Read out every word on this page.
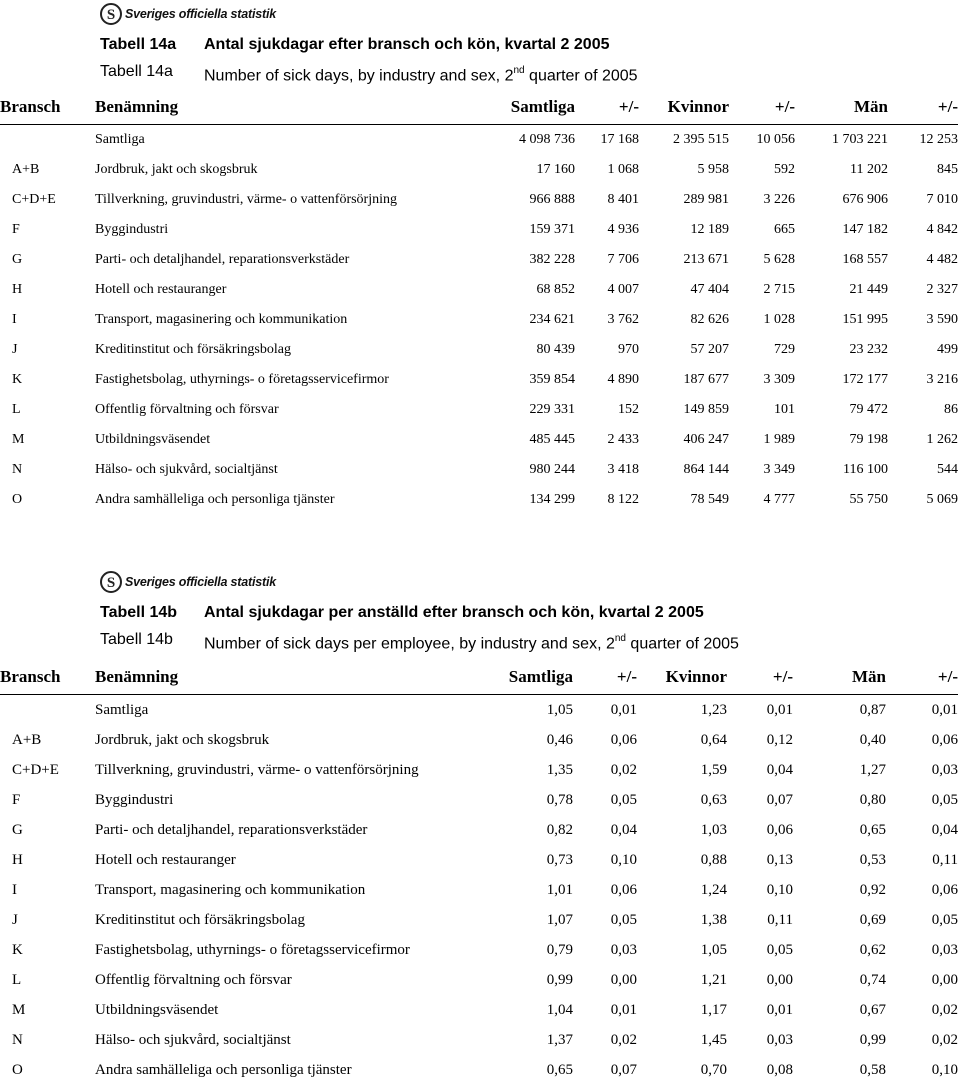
S Sveriges officiella statistik
Tabell 14a	Antal sjukdagar efter bransch och kön, kvartal 2 2005
Tabell 14a	Number of sick days, by industry and sex, 2nd quarter of 2005
Bransch	Benämning	Samtliga	+/-	Kvinnor	+/-	Män	+/-
	Samtliga	4 098 736	17 168	2 395 515	10 056	1 703 221	12 253
A+B	Jordbruk, jakt och skogsbruk	17 160	1 068	5 958	592	11 202	845
C+D+E	Tillverkning, gruvindustri, värme- o vattenförsörjning	966 888	8 401	289 981	3 226	676 906	7 010
F	Byggindustri	159 371	4 936	12 189	665	147 182	4 842
G	Parti- och detaljhandel, reparationsverkstäder	382 228	7 706	213 671	5 628	168 557	4 482
H	Hotell och restauranger	68 852	4 007	47 404	2 715	21 449	2 327
I	Transport, magasinering och kommunikation	234 621	3 762	82 626	1 028	151 995	3 590
J	Kreditinstitut och försäkringsbolag	80 439	970	57 207	729	23 232	499
K	Fastighetsbolag, uthyrnings- o företagsservicefirmor	359 854	4 890	187 677	3 309	172 177	3 216
L	Offentlig förvaltning och försvar	229 331	152	149 859	101	79 472	86
M	Utbildningsväsendet	485 445	2 433	406 247	1 989	79 198	1 262
N	Hälso- och sjukvård, socialtjänst	980 244	3 418	864 144	3 349	116 100	544
O	Andra samhälleliga och personliga tjänster	134 299	8 122	78 549	4 777	55 750	5 069
S Sveriges officiella statistik
Tabell 14b	Antal sjukdagar per anställd efter bransch och kön, kvartal 2 2005
Tabell 14b	Number of sick days per employee, by industry and sex, 2nd quarter of 2005
Bransch	Benämning	Samtliga	+/-	Kvinnor	+/-	Män	+/-
	Samtliga	1,05	0,01	1,23	0,01	0,87	0,01
A+B	Jordbruk, jakt och skogsbruk	0,46	0,06	0,64	0,12	0,40	0,06
C+D+E	Tillverkning, gruvindustri, värme- o vattenförsörjning	1,35	0,02	1,59	0,04	1,27	0,03
F	Byggindustri	0,78	0,05	0,63	0,07	0,80	0,05
G	Parti- och detaljhandel, reparationsverkstäder	0,82	0,04	1,03	0,06	0,65	0,04
H	Hotell och restauranger	0,73	0,10	0,88	0,13	0,53	0,11
I	Transport, magasinering och kommunikation	1,01	0,06	1,24	0,10	0,92	0,06
J	Kreditinstitut och försäkringsbolag	1,07	0,05	1,38	0,11	0,69	0,05
K	Fastighetsbolag, uthyrnings- o företagsservicefirmor	0,79	0,03	1,05	0,05	0,62	0,03
L	Offentlig förvaltning och försvar	0,99	0,00	1,21	0,00	0,74	0,00
M	Utbildningsväsendet	1,04	0,01	1,17	0,01	0,67	0,02
N	Hälso- och sjukvård, socialtjänst	1,37	0,02	1,45	0,03	0,99	0,02
O	Andra samhälleliga och personliga tjänster	0,65	0,07	0,70	0,08	0,58	0,10
